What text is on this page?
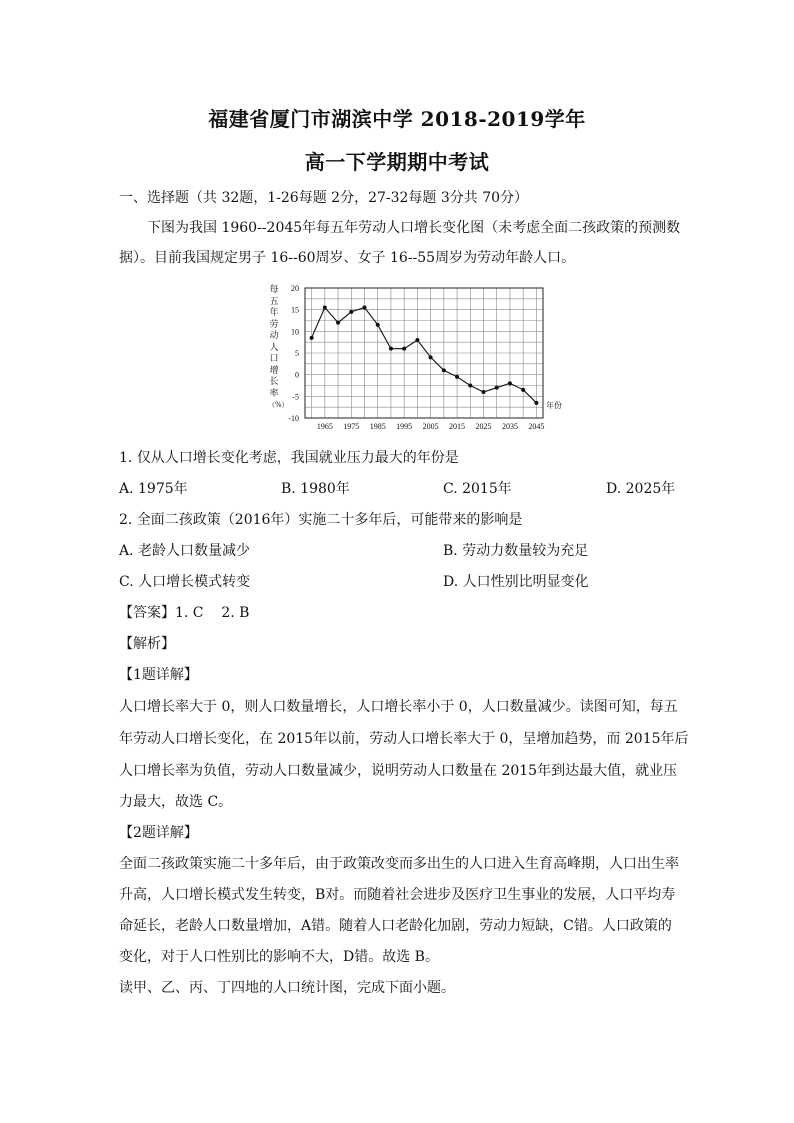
福建省厦门市湖滨中学 2018-2019学年
高一下学期期中考试
一、选择题（共 32题，1-26每题 2分，27-32每题 3分共 70分）
下图为我国 1960--2045年每五年劳动人口增长变化图（未考虑全面二孩政策的预测数
据）。目前我国规定男子 16--60周岁、女子 16--55周岁为劳动年龄人口。
每
五
年
劳
动
人
口
增
长
率
（%）
20
15
10
5
0
-5
-10
1965 1975 1985 1995 2005 2015 2025 2035 2045
年份
1. 仅从人口增长变化考虑，我国就业压力最大的年份是
A. 1975年	B. 1980年	C. 2015年	D. 2025年
2. 全面二孩政策（2016年）实施二十多年后，可能带来的影响是
A. 老龄人口数量减少	B. 劳动力数量较为充足
C. 人口增长模式转变	D. 人口性别比明显变化
【答案】1. C    2. B
【解析】
【1题详解】
人口增长率大于 0，则人口数量增长，人口增长率小于 0，人口数量减少。读图可知，每五
年劳动人口增长变化，在 2015年以前，劳动人口增长率大于 0，呈增加趋势，而 2015年后
人口增长率为负值，劳动人口数量减少，说明劳动人口数量在 2015年到达最大值，就业压
力最大，故选 C。
【2题详解】
全面二孩政策实施二十多年后，由于政策改变而多出生的人口进入生育高峰期，人口出生率
升高，人口增长模式发生转变，B对。而随着社会进步及医疗卫生事业的发展，人口平均寿
命延长，老龄人口数量增加，A错。随着人口老龄化加剧，劳动力短缺，C错。人口政策的
变化，对于人口性别比的影响不大，D错。故选 B。
读甲、乙、丙、丁四地的人口统计图，完成下面小题。
